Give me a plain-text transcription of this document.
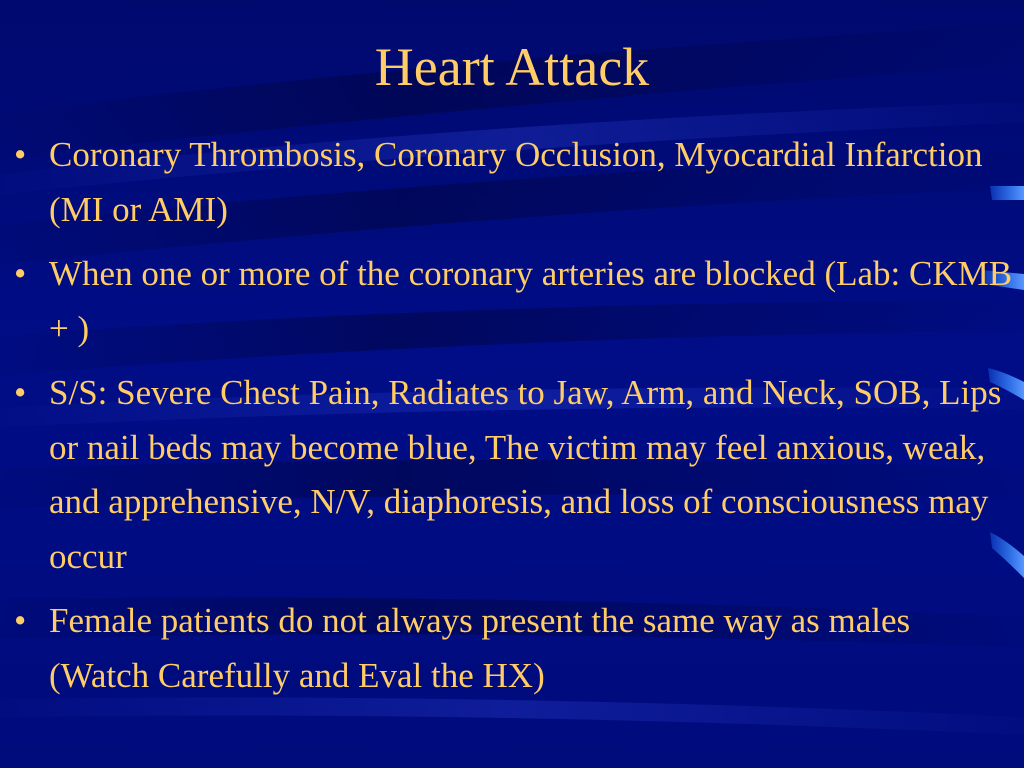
Heart Attack
• Coronary Thrombosis, Coronary Occlusion, Myocardial Infarction (MI or AMI)
• When one or more of the coronary arteries are blocked (Lab: CKMB + )
• S/S: Severe Chest Pain, Radiates to Jaw, Arm, and Neck, SOB, Lips or nail beds may become blue, The victim may feel anxious, weak, and apprehensive, N/V, diaphoresis, and loss of consciousness may occur
• Female patients do not always present the same way as males (Watch Carefully and Eval the HX)
